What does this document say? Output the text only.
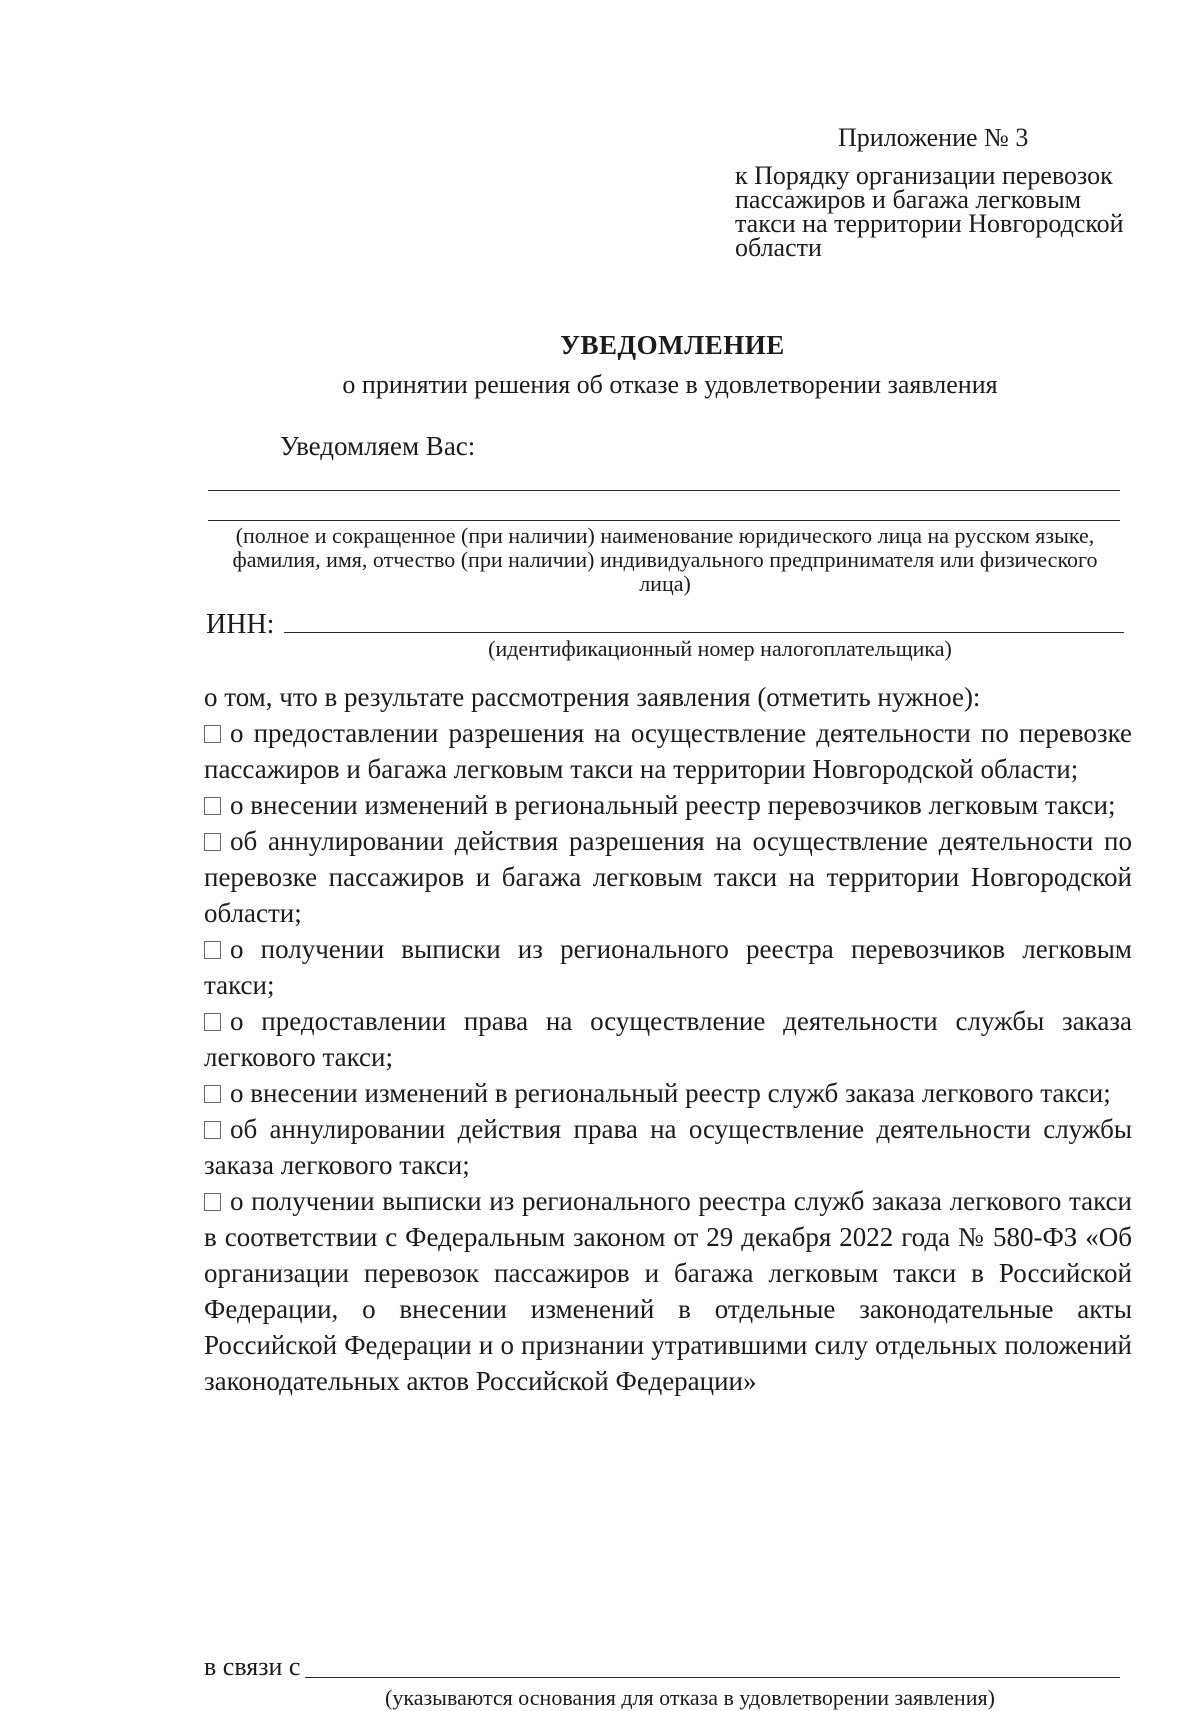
Приложение № 3
к Порядку организации перевозок пассажиров и багажа легковым такси на территории Новгородской области
УВЕДОМЛЕНИЕ
о принятии решения об отказе в удовлетворении заявления
Уведомляем Вас:
(полное и сокращенное (при наличии) наименование юридического лица на русском языке, фамилия, имя, отчество (при наличии) индивидуального предпринимателя или физического лица)
ИНН:
(идентификационный номер налогоплательщика)
о том, что в результате рассмотрения заявления (отметить нужное):
о предоставлении разрешения на осуществление деятельности по перевозке пассажиров и багажа легковым такси на территории Новгородской области;
о внесении изменений в региональный реестр перевозчиков легковым такси;
об аннулировании действия разрешения на осуществление деятельности по перевозке пассажиров и багажа легковым такси на территории Новгородской области;
о получении выписки из регионального реестра перевозчиков легковым такси;
о предоставлении права на осуществление деятельности службы заказа легкового такси;
о внесении изменений в региональный реестр служб заказа легкового такси;
об аннулировании действия права на осуществление деятельности службы заказа легкового такси;
о получении выписки из регионального реестра служб заказа легкового такси в соответствии с Федеральным законом от 29 декабря 2022 года № 580-ФЗ «Об организации перевозок пассажиров и багажа легковым такси в Российской Федерации, о внесении изменений в отдельные законодательные акты Российской Федерации и о признании утратившими силу отдельных положений законодательных актов Российской Федерации»
в связи с
(указываются основания для отказа в удовлетворении заявления)
